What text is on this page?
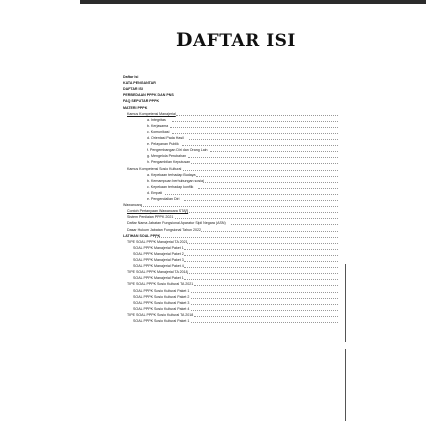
DAFTAR ISI
Daftar Isi
KATA PENGANTAR
DAFTAR ISI
PERBEDAAN PPPK DAN PNS
FAQ SEPUTAR PPPK
MATERI PPPK
Kamus Kompetensi Manajerial
a. Integritas
b. Kerjasama
c. Komunikasi
d. Orientasi Pada Hasil
e. Pelayanan Publik
f. Pengembangan Diri dan Orang Lain
g. Mengelola Perubahan
h. Pengambilan Keputusan
Kamus Kompetensi Sosio Kultural
a. Kepekaan terhadap Budaya
b. Kemampuan berhubungan sosial
c. Kepekaan terhadap konflik
d. Empati
e. Pengendalian Diri
Wawancara
Contoh Pertanyaan Wawancara STAR
Sistem Penilaian PPPK 2021
Daftar Nama Jabatan Fungsional Aparatur Sipil Negara (ASN)
Dasar Hukum Jabatan Fungsional Tahun 2022
LATIHAN SOAL PPPK
TIPE SOAL PPPK Manajerial TA 2021
SOAL PPPK Manajerial Paket 1
SOAL PPPK Manajerial Paket 2
SOAL PPPK Manajerial Paket 3
SOAL PPPK Manajerial Paket 4
TIPE SOAL PPPK Manajerial TA 2018
SOAL PPPK Manajerial Paket 1
TIPE SOAL PPPK Sosio Kultural TA 2021
SOAL PPPK Sosio Kultural Paket 1
SOAL PPPK Sosio Kultural Paket 2
SOAL PPPK Sosio Kultural Paket 3
SOAL PPPK Sosio Kultural Paket 4
TIPE SOAL PPPK Sosio Kultural TA 2018
SOAL PPPK Sosio Kultural Paket 1
